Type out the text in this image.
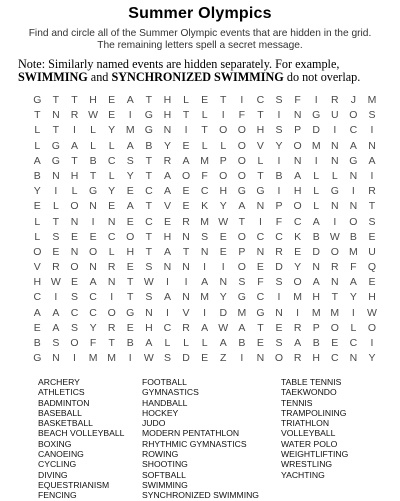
Summer Olympics
Find and circle all of the Summer Olympic events that are hidden in the grid.
The remaining letters spell a secret message.
Note: Similarly named events are hidden separately. For example,
SWIMMING and SYNCHRONIZED SWIMMING do not overlap.
G	T	T	H	E	A	T	H	L	E	T	I	C	S	F	I	R	J	M
T	N	R W E	I	G	H	T	L	I	F	T	I	N	G	U	O	S
L	T	I	L	Y	M G	N	I	T	O O	H	S	P	D	I	C	I
L	G	A	L	L	A	B	Y	E	L	L	O	V	Y	O M N	A	N
A	G	T	B	C	S	T	R	A	M	P	O	L	I	N	I	N	G	A
B	N	H	T	L	Y	T	A	O	F	O O	T	B	A	L	L	N	I
Y	I	L	G	Y	E	C	A	E	C	H	G G	I	H	L	G	I	R
E	L	O	N	E	A	T	V	E	K	Y	A	N	P	O	L	N	N	T
L	T	N	I	N	E	C	E	R M W T	I	F	C	A	I	O	S
L	S	E	E	C	O	T	H	N	S	E	O	C	C	K	B W B	E
O	E	N	O	L	H	T	A	T	N	E	P	N	R	E	D	O M U
V	R	O	N	R	E	S	N	N	I	I	O	E	D	Y	N	R	F	Q
H W E	A	N	T W	I	I	A	N	S	F	S	O	A	N	A	E
C	I	S	C	I	T	S	A	N M	Y	G	C	I	M H	T	Y	H
A	A	C	C	O G	N	I	V	I	D M G	N	I	M M	I	W
E	A	S	Y	R	E	H	C	R	A W A	T	E	R	P	O	L	O
B	S	O	F	T	B	A	L	L	L	A	B	E	S	A	B	E	C	I
G	N	I	M M	I	W S	D	E	Z	I	N	O	R	H	C	N	Y
ARCHERY
ATHLETICS
BADMINTON
BASEBALL
BASKETBALL
BEACH VOLLEYBALL
BOXING
CANOEING
CYCLING
DIVING
EQUESTRIANISM
FENCING
FOOTBALL
GYMNASTICS
HANDBALL
HOCKEY
JUDO
MODERN PENTATHLON
RHYTHMIC GYMNASTICS
ROWING
SHOOTING
SOFTBALL
SWIMMING
SYNCHRONIZED SWIMMING
TABLE TENNIS
TAEKWONDO
TENNIS
TRAMPOLINING
TRIATHLON
VOLLEYBALL
WATER POLO
WEIGHTLIFTING
WRESTLING
YACHTING
